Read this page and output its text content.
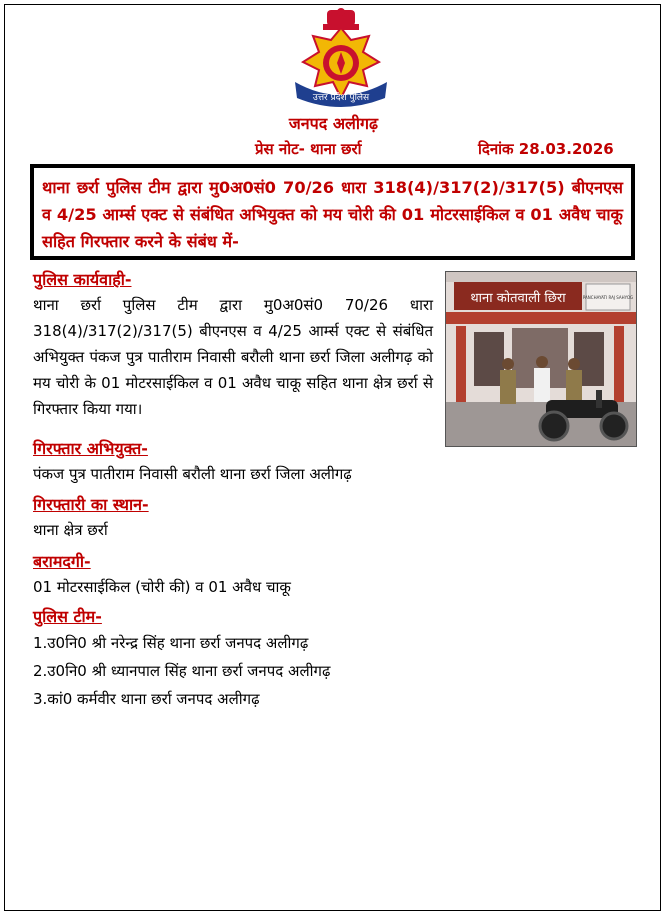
उत्तर प्रदेश पुलिस
जनपद अलीगढ़
प्रेस नोट- थाना छर्रा	दिनांक 28.03.2026

थाना छर्रा पुलिस टीम द्वारा मु0अ0सं0 70/26 धारा 318(4)/317(2)/317(5) बीएनएस व 4/25 आर्म्स एक्ट से संबंधित अभियुक्त को मय चोरी की 01 मोटरसाईकिल व 01 अवैध चाकू सहित गिरफ्तार करने के संबंध में-

पुलिस कार्यवाही-
थाना छर्रा पुलिस टीम द्वारा मु0अ0सं0 70/26 धारा 318(4)/317(2)/317(5) बीएनएस व 4/25 आर्म्स एक्ट से संबंधित अभियुक्त पंकज पुत्र पातीराम निवासी बरौली थाना छर्रा जिला अलीगढ़ को मय चोरी के 01 मोटरसाईकिल व 01 अवैध चाकू सहित थाना क्षेत्र छर्रा से गिरफ्तार किया गया।
थाना कोतवाली छिरा	PANCHAYATI RAJ SAHYOG
गिरफ्तार अभियुक्त-
पंकज पुत्र पातीराम निवासी बरौली थाना छर्रा जिला अलीगढ़
गिरफ्तारी का स्थान-
थाना क्षेत्र छर्रा
बरामदगी-
01 मोटरसाईकिल (चोरी की) व 01 अवैध चाकू
पुलिस टीम-
1.उ0नि0 श्री नरेन्द्र सिंह थाना छर्रा जनपद अलीगढ़
2.उ0नि0 श्री ध्यानपाल सिंह थाना छर्रा जनपद अलीगढ़
3.कां0 कर्मवीर थाना छर्रा जनपद अलीगढ़
